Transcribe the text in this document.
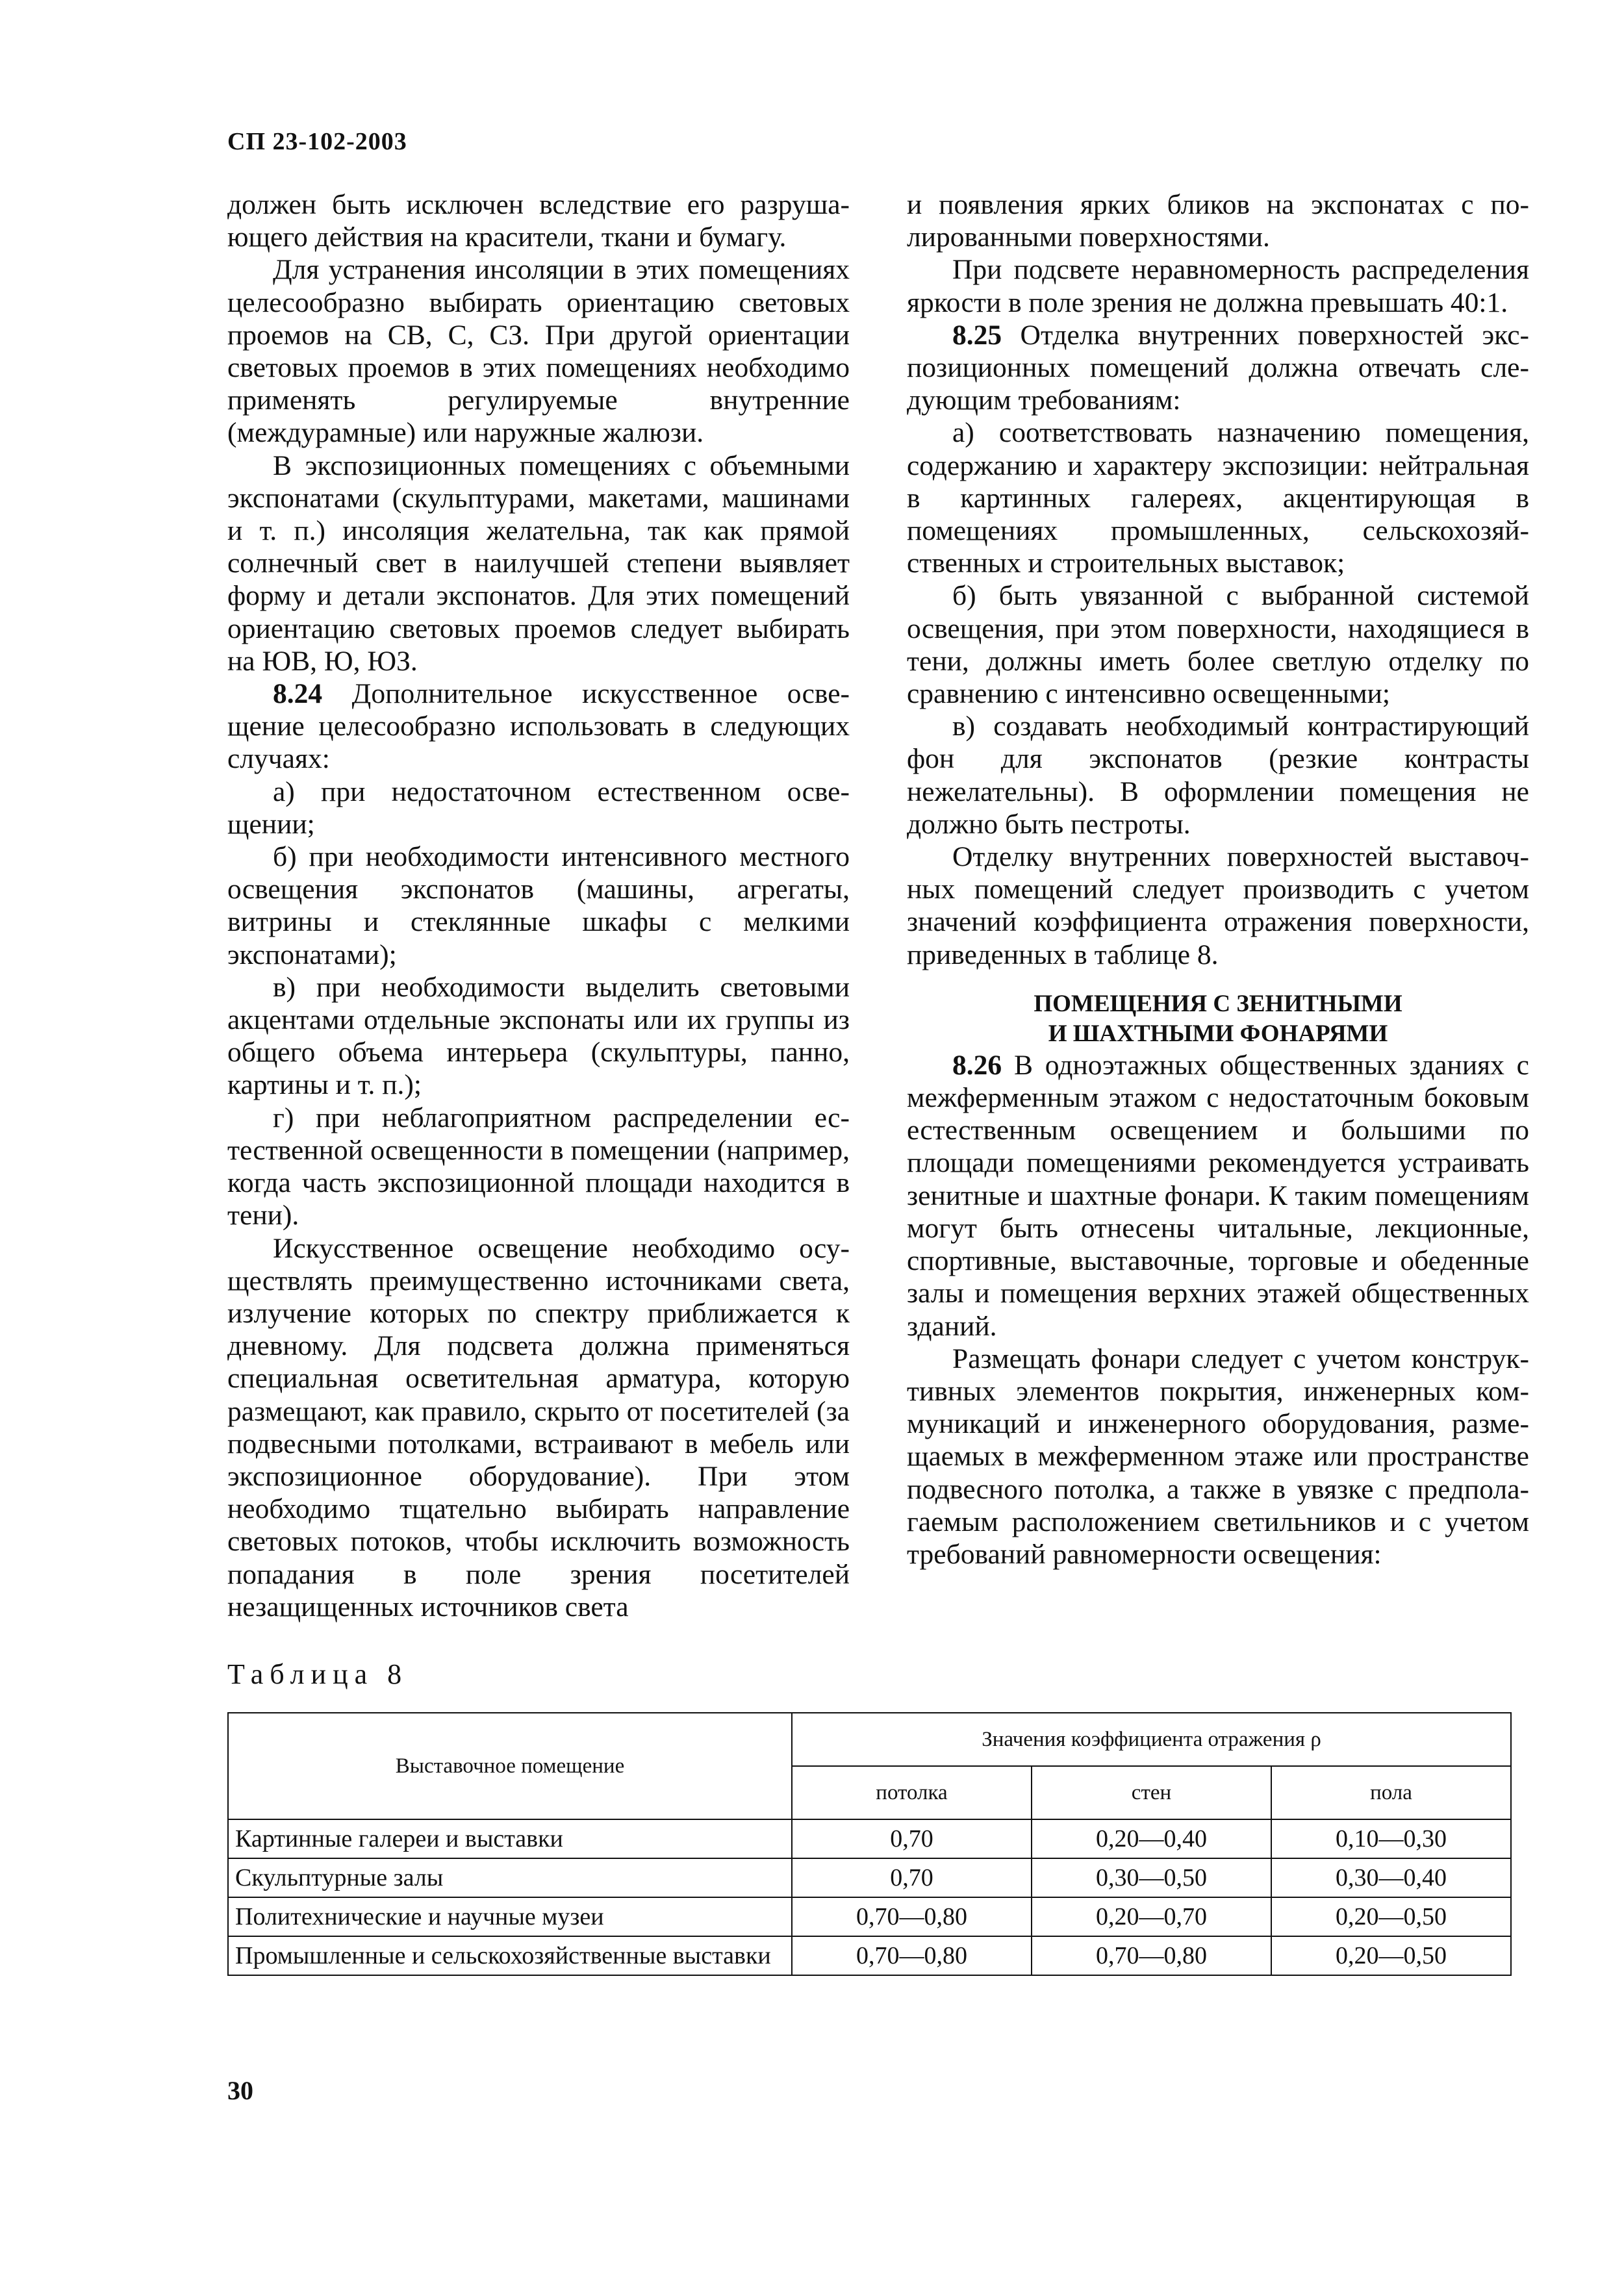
СП 23-102-2003

должен быть исключен вследствие его разрушающего действия на красители, ткани и бумагу.

Для устранения инсоляции в этих помещениях целесообразно выбирать ориентацию световых проемов на СВ, С, СЗ. При другой ориентации световых проемов в этих помещениях необходимо применять регулируемые внутренние (междурамные) или наружные жалюзи.

В экспозиционных помещениях с объемными экспонатами (скульптурами, макетами, машинами и т. п.) инсоляция желательна, так как прямой солнечный свет в наилучшей степени выявляет форму и детали экспонатов. Для этих помещений ориентацию световых проемов следует выбирать на ЮВ, Ю, ЮЗ.

8.24 Дополнительное искусственное освещение целесообразно использовать в следующих случаях:

а) при недостаточном естественном освещении;

б) при необходимости интенсивного местного освещения экспонатов (машины, агрегаты, витрины и стеклянные шкафы с мелкими экспонатами);

в) при необходимости выделить световыми акцентами отдельные экспонаты или их группы из общего объема интерьера (скульптуры, панно, картины и т. п.);

г) при неблагоприятном распределении естественной освещенности в помещении (например, когда часть экспозиционной площади находится в тени).

Искусственное освещение необходимо осуществлять преимущественно источниками света, излучение которых по спектру приближается к дневному. Для подсвета должна применяться специальная осветительная арматура, которую размещают, как правило, скрыто от посетителей (за подвесными потолками, встраивают в мебель или экспозиционное оборудование). При этом необходимо тщательно выбирать направление световых потоков, чтобы исключить возможность попадания в поле зрения посетителей незащищенных источников света

и появления ярких бликов на экспонатах с полированными поверхностями.

При подсвете неравномерность распределения яркости в поле зрения не должна превышать 40:1.

8.25 Отделка внутренних поверхностей экспозиционных помещений должна отвечать следующим требованиям:

а) соответствовать назначению помещения, содержанию и характеру экспозиции: нейтральная в картинных галереях, акцентирующая в помещениях промышленных, сельскохозяйственных и строительных выставок;

б) быть увязанной с выбранной системой освещения, при этом поверхности, находящиеся в тени, должны иметь более светлую отделку по сравнению с интенсивно освещенными;

в) создавать необходимый контрастирующий фон для экспонатов (резкие контрасты нежелательны). В оформлении помещения не должно быть пестроты.

Отделку внутренних поверхностей выставочных помещений следует производить с учетом значений коэффициента отражения поверхности, приведенных в таблице 8.

ПОМЕЩЕНИЯ С ЗЕНИТНЫМИ
И ШАХТНЫМИ ФОНАРЯМИ

8.26 В одноэтажных общественных зданиях с межферменным этажом с недостаточным боковым естественным освещением и большими по площади помещениями рекомендуется устраивать зенитные и шахтные фонари. К таким помещениям могут быть отнесены читальные, лекционные, спортивные, выставочные, торговые и обеденные залы и помещения верхних этажей общественных зданий.

Размещать фонари следует с учетом конструктивных элементов покрытия, инженерных коммуникаций и инженерного оборудования, размещаемых в межферменном этаже или пространстве подвесного потолка, а также в увязке с предполагаемым расположением светильников и с учетом требований равномерности освещения:

Таблица 8
Выставочное помещение	Значения коэффициента отражения ρ		
	потолка	стен	пола
Картинные галереи и выставки	0,70	0,20—0,40	0,10—0,30
Скульптурные залы	0,70	0,30—0,50	0,30—0,40
Политехнические и научные музеи	0,70—0,80	0,20—0,70	0,20—0,50
Промышленные и сельскохозяйственные выставки	0,70—0,80	0,70—0,80	0,20—0,50
30
